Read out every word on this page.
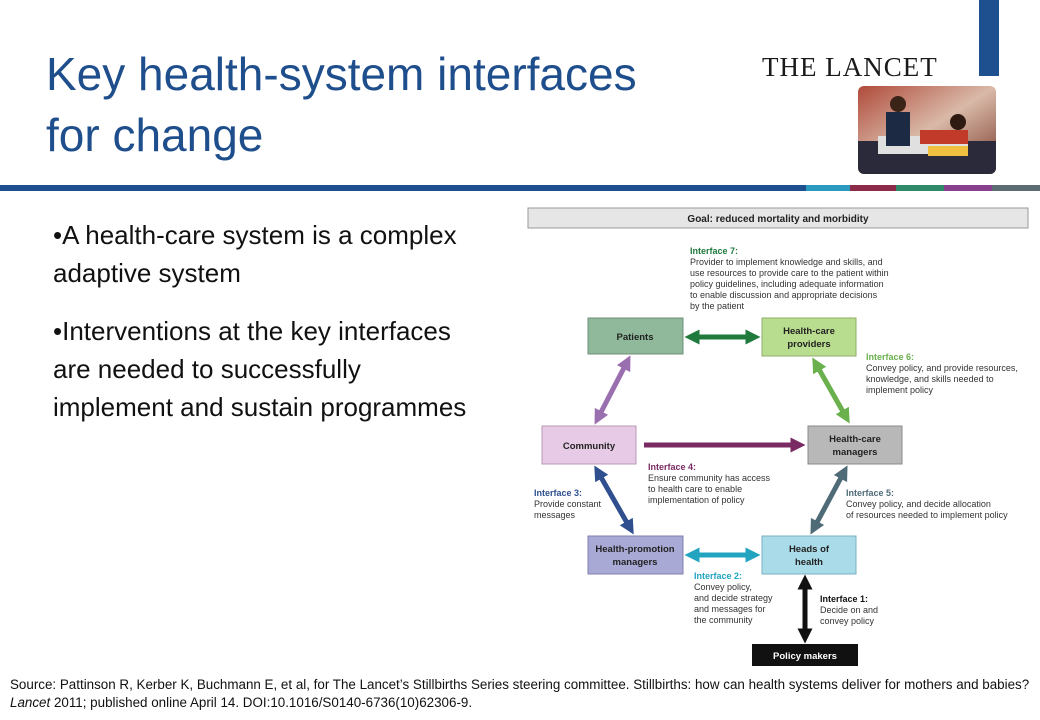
Key health-system interfaces
for change
THE LANCET

•A health-care system is a complex adaptive system

•Interventions at the key interfaces are needed to successfully implement and sustain programmes

Goal: reduced mortality and morbidity
Interface 7:
Provider to implement knowledge and skills, and
use resources to provide care to the patient within
policy guidelines, including adequate information
to enable discussion and appropriate decisions
by the patient
Patients
Health-care
providers
Community
Health-care
managers
Health-promotion
managers
Heads of
health
Policy makers
Interface 6:
Convey policy, and provide resources,
knowledge, and skills needed to
implement policy
Interface 4:
Ensure community has access
to health care to enable
implementation of policy
Interface 3:
Provide constant
messages
Interface 5:
Convey policy, and decide allocation
of resources needed to implement policy
Interface 2:
Convey policy,
and decide strategy
and messages for
the community
Interface 1:
Decide on and
convey policy
Source: Pattinson R, Kerber K, Buchmann E, et al, for The Lancet’s Stillbirths Series steering committee. Stillbirths: how can health systems deliver for mothers and babies? Lancet 2011; published online April 14. DOI:10.1016/S0140-6736(10)62306-9.
